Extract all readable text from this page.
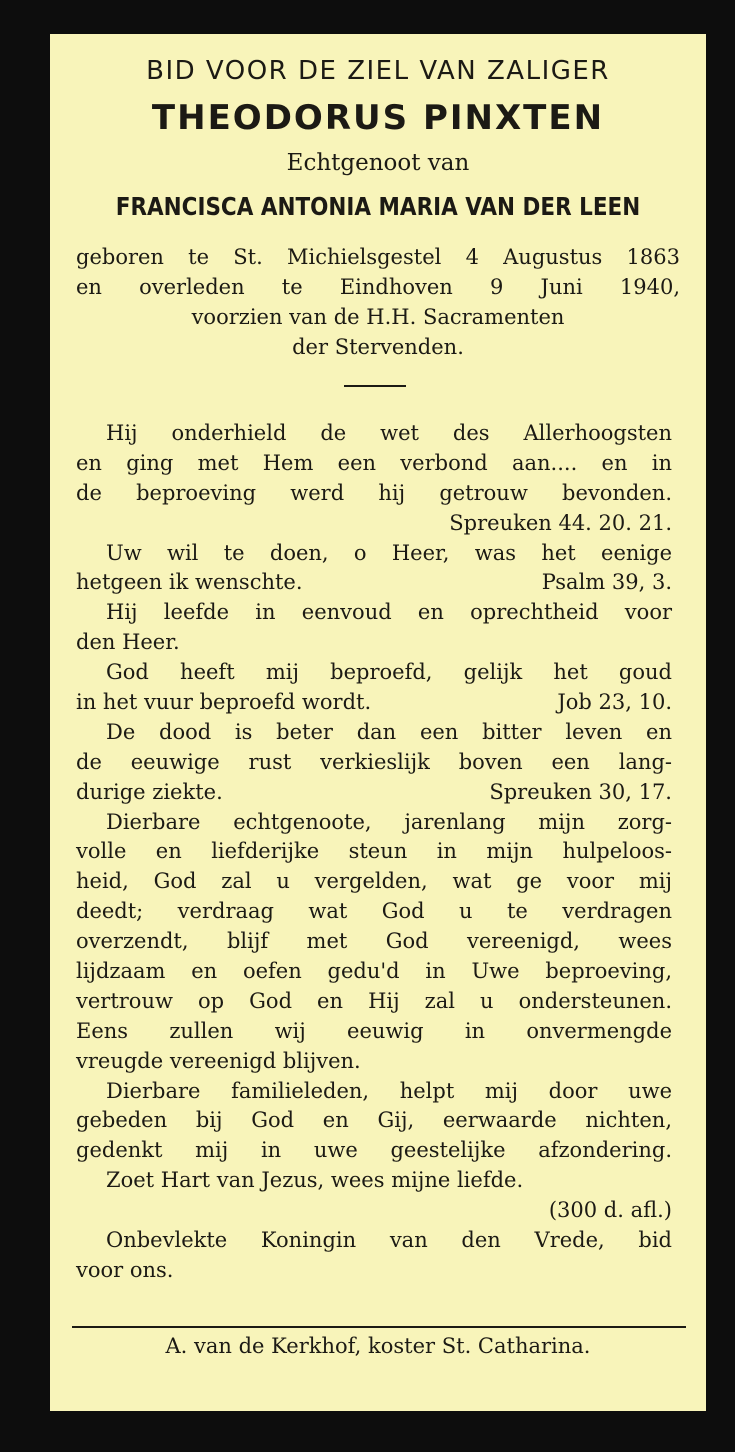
BID VOOR DE ZIEL VAN ZALIGER
THEODORUS PINXTEN
Echtgenoot van
FRANCISCA ANTONIA MARIA VAN DER LEEN
geboren te St. Michielsgestel 4 Augustus 1863
en overleden te Eindhoven 9 Juni 1940,
voorzien van de H.H. Sacramenten
der Stervenden.
Hij onderhield de wet des Allerhoogsten
en ging met Hem een verbond aan.... en in
de beproeving werd hij getrouw bevonden.
Spreuken 44. 20. 21.
Uw wil te doen, o Heer, was het eenige
hetgeen ik wenschte.	Psalm 39, 3.
Hij leefde in eenvoud en oprechtheid voor
den Heer.
God heeft mij beproefd, gelijk het goud
in het vuur beproefd wordt.	Job 23, 10.
De dood is beter dan een bitter leven en
de eeuwige rust verkieslijk boven een lang-
durige ziekte.	Spreuken 30, 17.
Dierbare echtgenoote, jarenlang mijn zorg-
volle en liefderijke steun in mijn hulpeloos-
heid, God zal u vergelden, wat ge voor mij
deedt; verdraag wat God u te verdragen
overzendt, blijf met God vereenigd, wees
lijdzaam en oefen gedu'd in Uwe beproeving,
vertrouw op God en Hij zal u ondersteunen.
Eens zullen wij eeuwig in onvermengde
vreugde vereenigd blijven.
Dierbare familieleden, helpt mij door uwe
gebeden bij God en Gij, eerwaarde nichten,
gedenkt mij in uwe geestelijke afzondering.
Zoet Hart van Jezus, wees mijne liefde.
(300 d. afl.)
Onbevlekte Koningin van den Vrede, bid
voor ons.
A. van de Kerkhof, koster St. Catharina.
